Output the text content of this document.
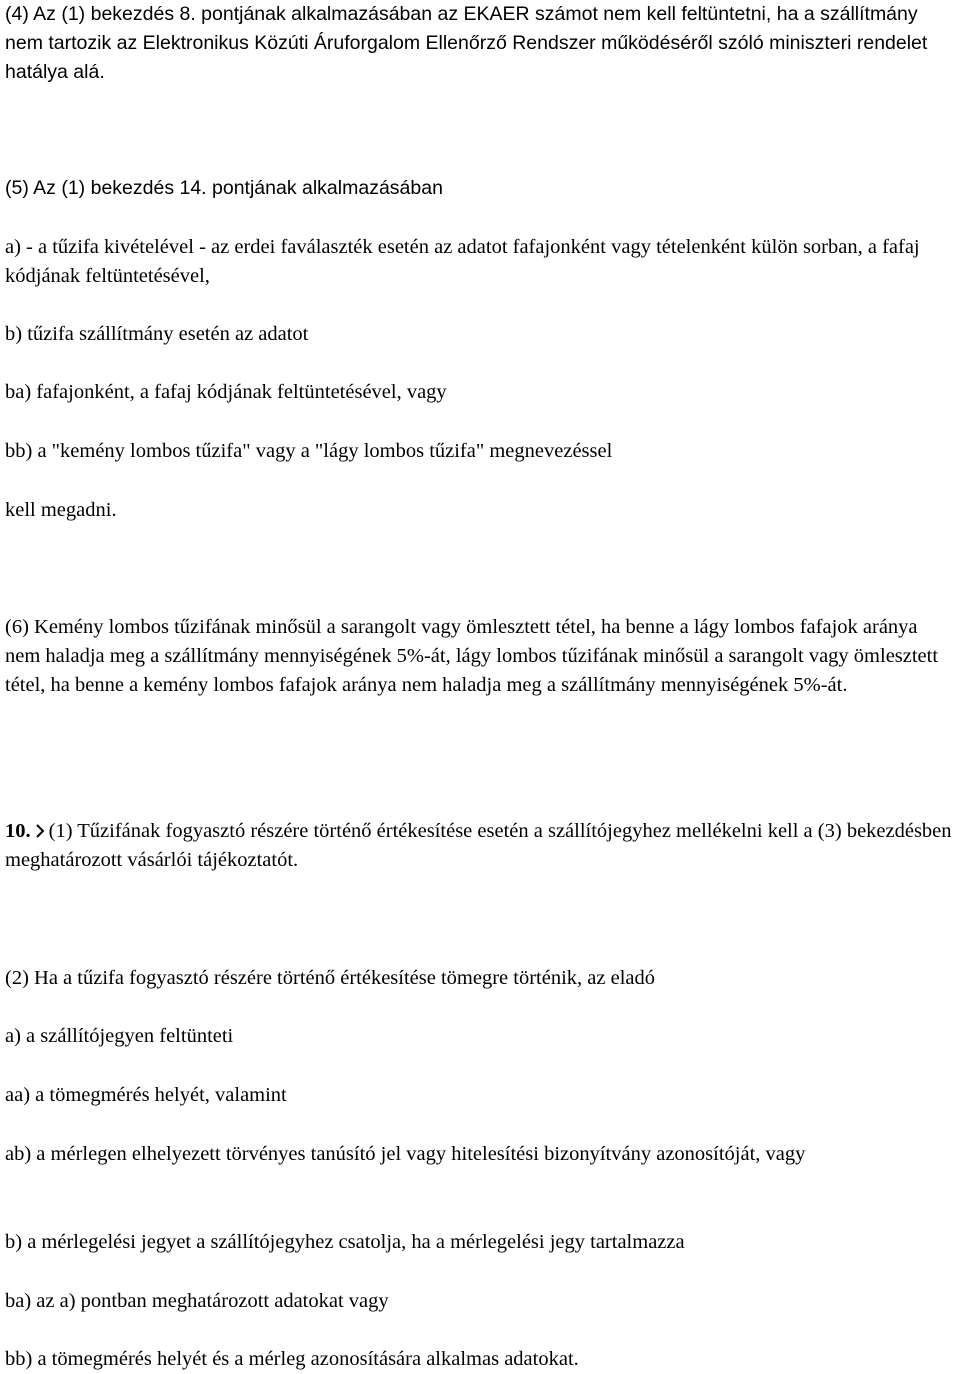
(4) Az (1) bekezdés 8. pontjának alkalmazásában az EKAER számot nem kell feltüntetni, ha a szállítmány nem tartozik az Elektronikus Közúti Áruforgalom Ellenőrző Rendszer működéséről szóló miniszteri rendelet hatálya alá.

(5) Az (1) bekezdés 14. pontjának alkalmazásában

a) - a tűzifa kivételével - az erdei faválaszték esetén az adatot fafajonként vagy tételenként külön sorban, a fafaj kódjának feltüntetésével,

b) tűzifa szállítmány esetén az adatot

ba) fafajonként, a fafaj kódjának feltüntetésével, vagy

bb) a "kemény lombos tűzifa" vagy a "lágy lombos tűzifa" megnevezéssel

kell megadni.

(6) Kemény lombos tűzifának minősül a sarangolt vagy ömlesztett tétel, ha benne a lágy lombos fafajok aránya nem haladja meg a szállítmány mennyiségének 5%-át, lágy lombos tűzifának minősül a sarangolt vagy ömlesztett tétel, ha benne a kemény lombos fafajok aránya nem haladja meg a szállítmány mennyiségének 5%-át.

10. (1) Tűzifának fogyasztó részére történő értékesítése esetén a szállítójegyhez mellékelni kell a (3) bekezdésben meghatározott vásárlói tájékoztatót.

(2) Ha a tűzifa fogyasztó részére történő értékesítése tömegre történik, az eladó

a) a szállítójegyen feltünteti

aa) a tömegmérés helyét, valamint

ab) a mérlegen elhelyezett törvényes tanúsító jel vagy hitelesítési bizonyítvány azonosítóját, vagy

b) a mérlegelési jegyet a szállítójegyhez csatolja, ha a mérlegelési jegy tartalmazza

ba) az a) pontban meghatározott adatokat vagy

bb) a tömegmérés helyét és a mérleg azonosítására alkalmas adatokat.
